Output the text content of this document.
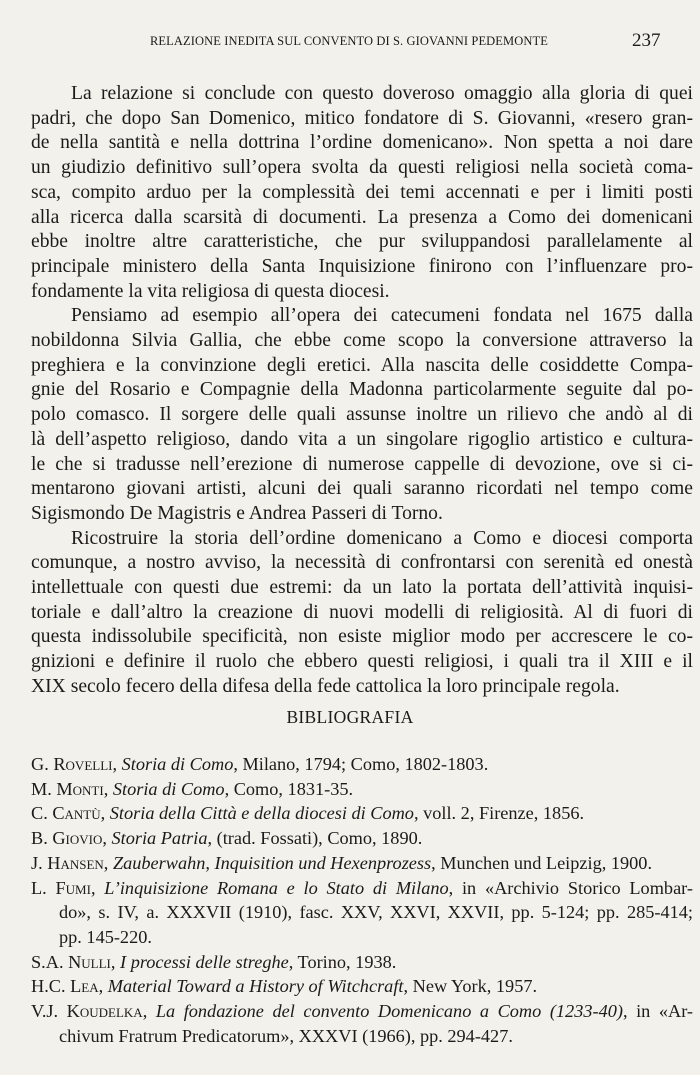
RELAZIONE INEDITA SUL CONVENTO DI S. GIOVANNI PEDEMONTE	237

La relazione si conclude con questo doveroso omaggio alla gloria di quei
padri, che dopo San Domenico, mitico fondatore di S. Giovanni, «resero gran-
de nella santità e nella dottrina l’ordine domenicano». Non spetta a noi dare
un giudizio definitivo sull’opera svolta da questi religiosi nella società coma-
sca, compito arduo per la complessità dei temi accennati e per i limiti posti
alla ricerca dalla scarsità di documenti. La presenza a Como dei domenicani
ebbe inoltre altre caratteristiche, che pur sviluppandosi parallelamente al
principale ministero della Santa Inquisizione finirono con l’influenzare pro-
fondamente la vita religiosa di questa diocesi.

Pensiamo ad esempio all’opera dei catecumeni fondata nel 1675 dalla
nobildonna Silvia Gallia, che ebbe come scopo la conversione attraverso la
preghiera e la convinzione degli eretici. Alla nascita delle cosiddette Compa-
gnie del Rosario e Compagnie della Madonna particolarmente seguite dal po-
polo comasco. Il sorgere delle quali assunse inoltre un rilievo che andò al di
là dell’aspetto religioso, dando vita a un singolare rigoglio artistico e cultura-
le che si tradusse nell’erezione di numerose cappelle di devozione, ove si ci-
mentarono giovani artisti, alcuni dei quali saranno ricordati nel tempo come
Sigismondo De Magistris e Andrea Passeri di Torno.

Ricostruire la storia dell’ordine domenicano a Como e diocesi comporta
comunque, a nostro avviso, la necessità di confrontarsi con serenità ed onestà
intellettuale con questi due estremi: da un lato la portata dell’attività inquisi-
toriale e dall’altro la creazione di nuovi modelli di religiosità. Al di fuori di
questa indissolubile specificità, non esiste miglior modo per accrescere le co-
gnizioni e definire il ruolo che ebbero questi religiosi, i quali tra il XIII e il
XIX secolo fecero della difesa della fede cattolica la loro principale regola.

BIBLIOGRAFIA
G. Rovelli, Storia di Como, Milano, 1794; Como, 1802-1803.
M. Monti, Storia di Como, Como, 1831-35.
C. Cantù, Storia della Città e della diocesi di Como, voll. 2, Firenze, 1856.
B. Giovio, Storia Patria, (trad. Fossati), Como, 1890.
J. Hansen, Zauberwahn, Inquisition und Hexenprozess, Munchen und Leipzig, 1900.
L. Fumi, L’inquisizione Romana e lo Stato di Milano, in «Archivio Storico Lombar-
do», s. IV, a. XXXVII (1910), fasc. XXV, XXVI, XXVII, pp. 5-124; pp. 285-414;
pp. 145-220.
S.A. Nulli, I processi delle streghe, Torino, 1938.
H.C. Lea, Material Toward a History of Witchcraft, New York, 1957.
V.J. Koudelka, La fondazione del convento Domenicano a Como (1233-40), in «Ar-
chivum Fratrum Predicatorum», XXXVI (1966), pp. 294-427.
